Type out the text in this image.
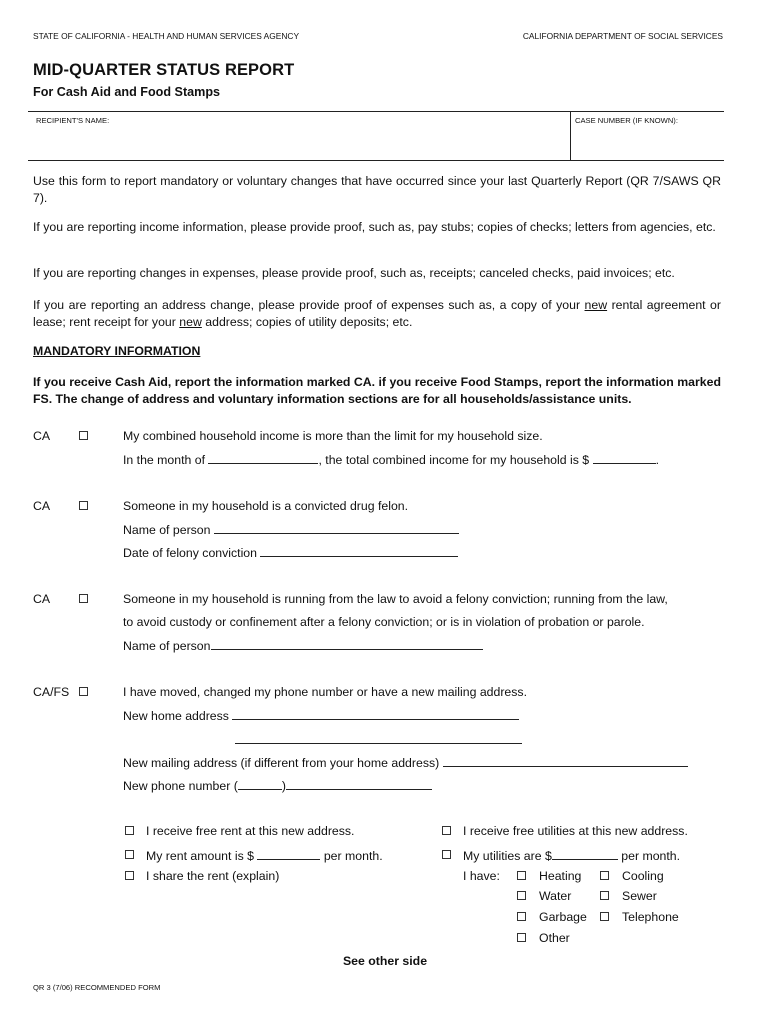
STATE OF CALIFORNIA - HEALTH AND HUMAN SERVICES AGENCY	CALIFORNIA DEPARTMENT OF SOCIAL SERVICES
MID-QUARTER STATUS REPORT
For Cash Aid and Food Stamps
RECIPIENT'S NAME:	CASE NUMBER (IF KNOWN):

Use this form to report mandatory or voluntary changes that have occurred since your last Quarterly Report (QR 7/SAWS QR 7).

If you are reporting income information, please provide proof, such as, pay stubs; copies of checks; letters from agencies, etc.

If you are reporting changes in expenses, please provide proof, such as, receipts; canceled checks, paid invoices; etc.

If you are reporting an address change, please provide proof of expenses such as, a copy of your new rental agreement or lease; rent receipt for your new address; copies of utility deposits; etc.

MANDATORY INFORMATION

If you receive Cash Aid, report the information marked CA. if you receive Food Stamps, report the information marked FS. The change of address and voluntary information sections are for all households/assistance units.

CA	My combined household income is more than the limit for my household size.
In the month of	, the total combined income for my household is $	.
CA	Someone in my household is a convicted drug felon.
Name of person
Date of felony conviction
CA	Someone in my household is running from the law to avoid a felony conviction; running from the law,
to avoid custody or confinement after a felony conviction; or is in violation of probation or parole.
Name of person
CA/FS	I have moved, changed my phone number or have a new mailing address.
New home address
New mailing address (if different from your home address)
New phone number (	)
I receive free rent at this new address.
My rent amount is $	per month.
I share the rent (explain)
I receive free utilities at this new address.
My utilities are $	per month.
I have:	Heating	Cooling
Water	Sewer
Garbage	Telephone
Other
See other side
QR 3 (7/06) RECOMMENDED FORM
